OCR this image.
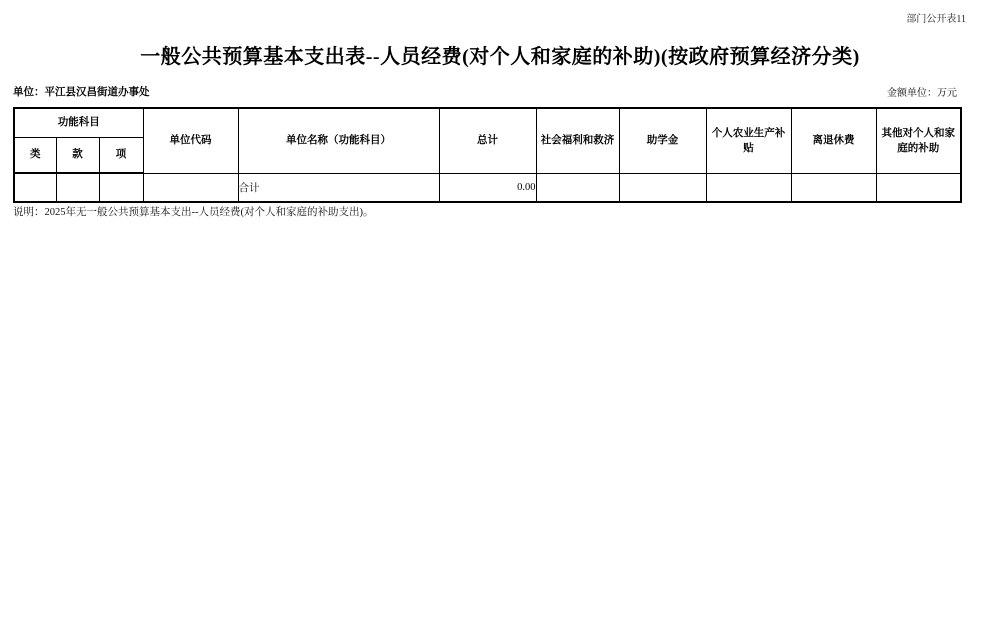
部门公开表11
一般公共预算基本支出表--人员经费(对个人和家庭的补助)(按政府预算经济分类)
单位：平江县汉昌街道办事处	金额单位：万元
功能科目			单位代码	单位名称（功能科目）	总计	社会福利和救济	助学金	个人农业生产补贴	离退休费	其他对个人和家庭的补助
类	款	项								
				合计	0.00					
说明：2025年无一般公共预算基本支出--人员经费(对个人和家庭的补助支出)。
